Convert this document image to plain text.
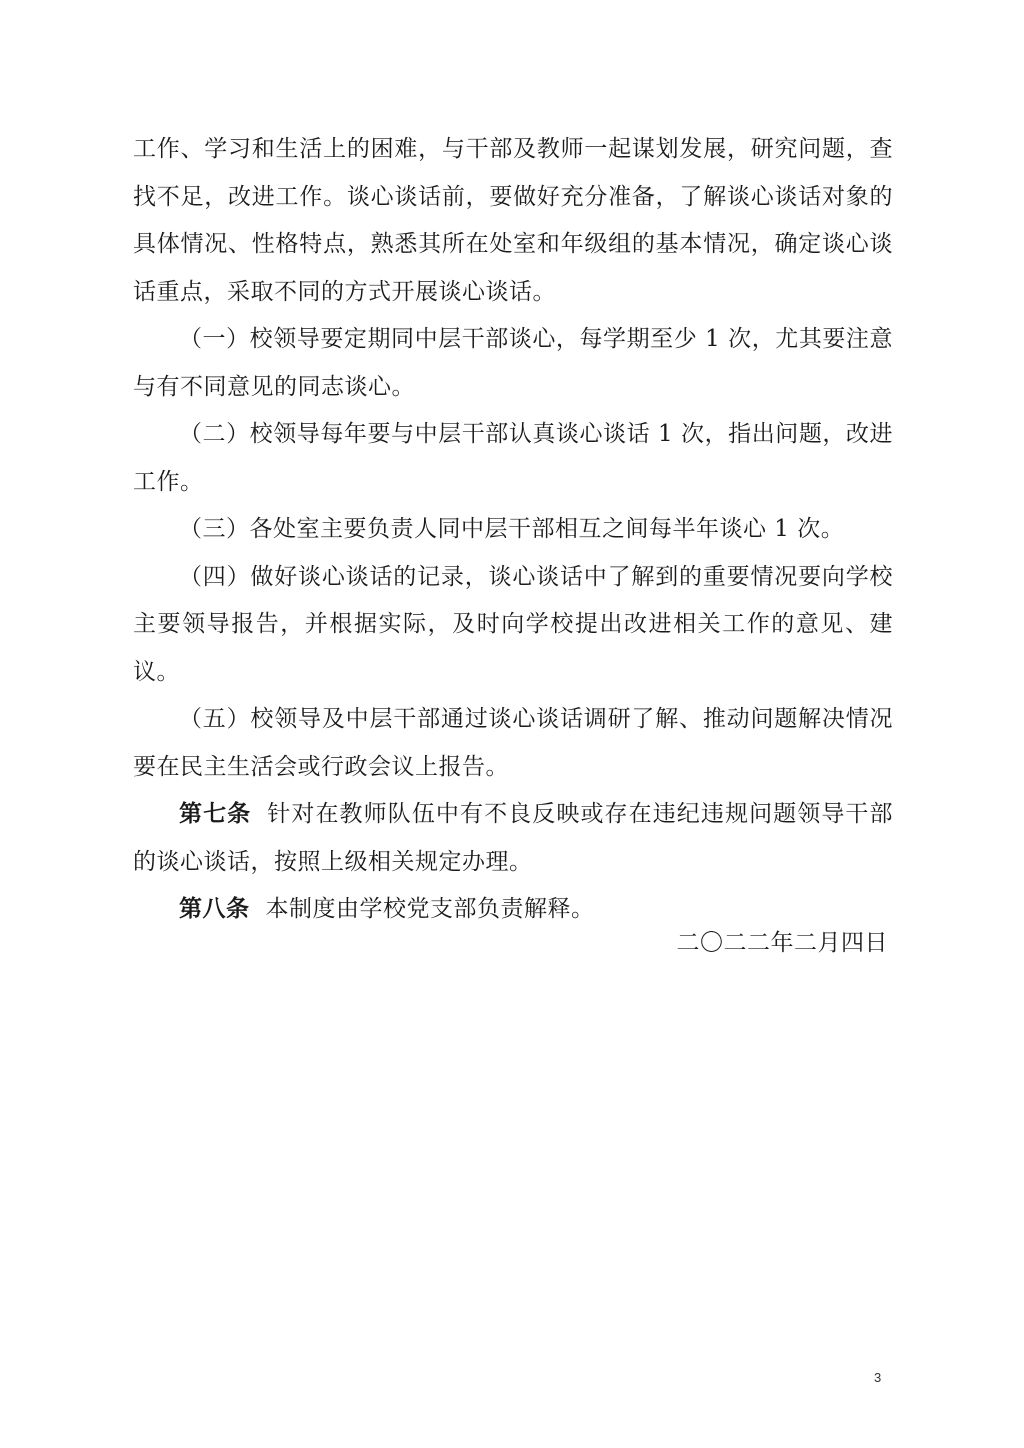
工作、学习和生活上的困难，与干部及教师一起谋划发展，研究问题，查找不足，改进工作。谈心谈话前，要做好充分准备，了解谈心谈话对象的具体情况、性格特点，熟悉其所在处室和年级组的基本情况，确定谈心谈话重点，采取不同的方式开展谈心谈话。

（一）校领导要定期同中层干部谈心，每学期至少 1 次，尤其要注意与有不同意见的同志谈心。

（二）校领导每年要与中层干部认真谈心谈话 1 次，指出问题，改进工作。

（三）各处室主要负责人同中层干部相互之间每半年谈心 1 次。

（四）做好谈心谈话的记录，谈心谈话中了解到的重要情况要向学校主要领导报告，并根据实际，及时向学校提出改进相关工作的意见、建议。

（五）校领导及中层干部通过谈心谈话调研了解、推动问题解决情况要在民主生活会或行政会议上报告。

第七条 针对在教师队伍中有不良反映或存在违纪违规问题领导干部的谈心谈话，按照上级相关规定办理。

第八条 本制度由学校党支部负责解释。

二〇二二年二月四日
3
